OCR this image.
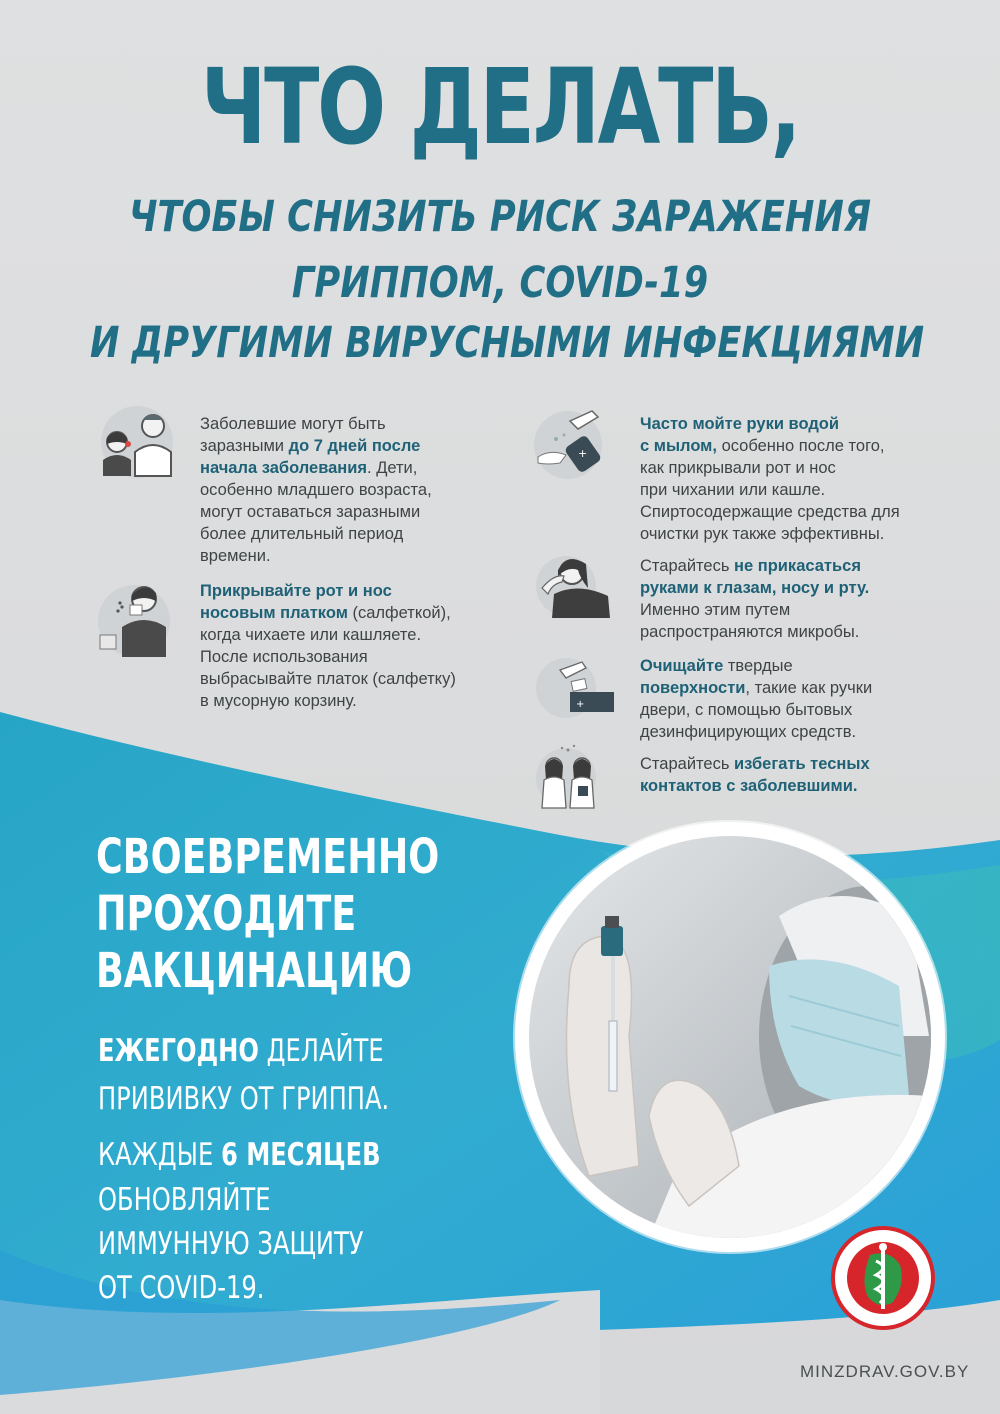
ЧТО ДЕЛАТЬ,
ЧТОБЫ СНИЗИТЬ РИСК ЗАРАЖЕНИЯ
ГРИППОМ, COVID-19
И ДРУГИМИ ВИРУСНЫМИ ИНФЕКЦИЯМИ
Заболевшие могут быть
заразными до 7 дней после
начала заболевания. Дети,
особенно младшего возраста,
могут оставаться заразными
более длительный период
времени.
Прикрывайте рот и нос
носовым платком (салфеткой),
когда чихаете или кашляете.
После использования
выбрасывайте платок (салфетку)
в мусорную корзину.
+
Часто мойте руки водой
с мылом, особенно после того,
как прикрывали рот и нос
при чихании или кашле.
Спиртосодержащие средства для
очистки рук также эффективны.
Старайтесь не прикасаться
руками к глазам, носу и рту.
Именно этим путем
распространяются микробы.
+
Очищайте твердые
поверхности, такие как ручки
двери, с помощью бытовых
дезинфицирующих средств.
Старайтесь избегать тесных
контактов с заболевшими.
СВОЕВРЕМЕННО
ПРОХОДИТЕ
ВАКЦИНАЦИЮ
ЕЖЕГОДНО ДЕЛАЙТЕ
ПРИВИВКУ ОТ ГРИППА.
КАЖДЫЕ 6 МЕСЯЦЕВ
ОБНОВЛЯЙТЕ
ИММУННУЮ ЗАЩИТУ
ОТ COVID-19.
MINZDRAV.GOV.BY
